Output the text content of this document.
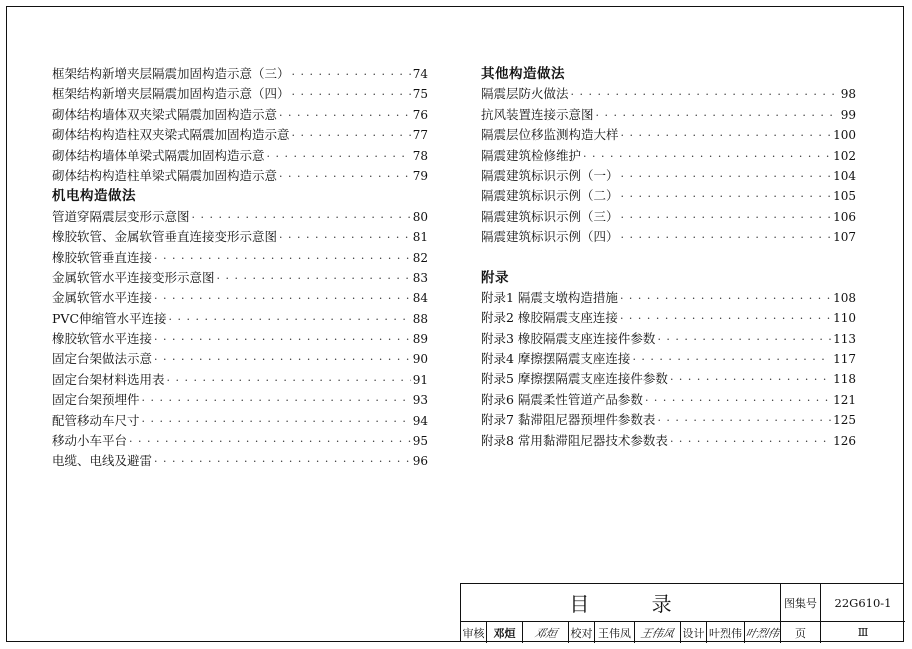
框架结构新增夹层隔震加固构造示意（三） · · ·	74
框架结构新增夹层隔震加固构造示意（四） · · ·	75
砌体结构墙体双夹梁式隔震加固构造示意 · · ·	76
砌体结构构造柱双夹梁式隔震加固构造示意 · · ·	77
砌体结构墙体单梁式隔震加固构造示意 · · ·	78
砌体结构构造柱单梁式隔震加固构造示意 · · ·	79
机电构造做法
管道穿隔震层变形示意图 · · ·	80
橡胶软管、金属软管垂直连接变形示意图 · · ·	81
橡胶软管垂直连接 · · ·	82
金属软管水平连接变形示意图 · · ·	83
金属软管水平连接 · · ·	84
PVC伸缩管水平连接 · · ·	88
橡胶软管水平连接 · · ·	89
固定台架做法示意 · · ·	90
固定台架材料选用表 · · ·	91
固定台架预埋件 · · ·	93
配管移动车尺寸 · · ·	94
移动小车平台 · · ·	95
电缆、电线及避雷 · · ·	96
其他构造做法
隔震层防火做法 · · ·	98
抗风装置连接示意图 · · ·	99
隔震层位移监测构造大样 · · ·	100
隔震建筑检修维护 · · ·	102
隔震建筑标识示例（一） · · ·	104
隔震建筑标识示例（二） · · ·	105
隔震建筑标识示例（三） · · ·	106
隔震建筑标识示例（四） · · ·	107
附录
附录1 隔震支墩构造措施 · · ·	108
附录2 橡胶隔震支座连接 · · ·	110
附录3 橡胶隔震支座连接件参数 · · ·	113
附录4 摩擦摆隔震支座连接 · · ·	117
附录5 摩擦摆隔震支座连接件参数 · · ·	118
附录6 隔震柔性管道产品参数 · · ·	121
附录7 黏滞阻尼器预埋件参数表 · · ·	125
附录8 常用黏滞阻尼器技术参数表 · · ·	126
目 录	图集号	22G610-1
审核 邓烜	邓烜 校对 王伟凤 王伟凤 设计 叶烈伟 叶烈伟	页	Ⅲ
